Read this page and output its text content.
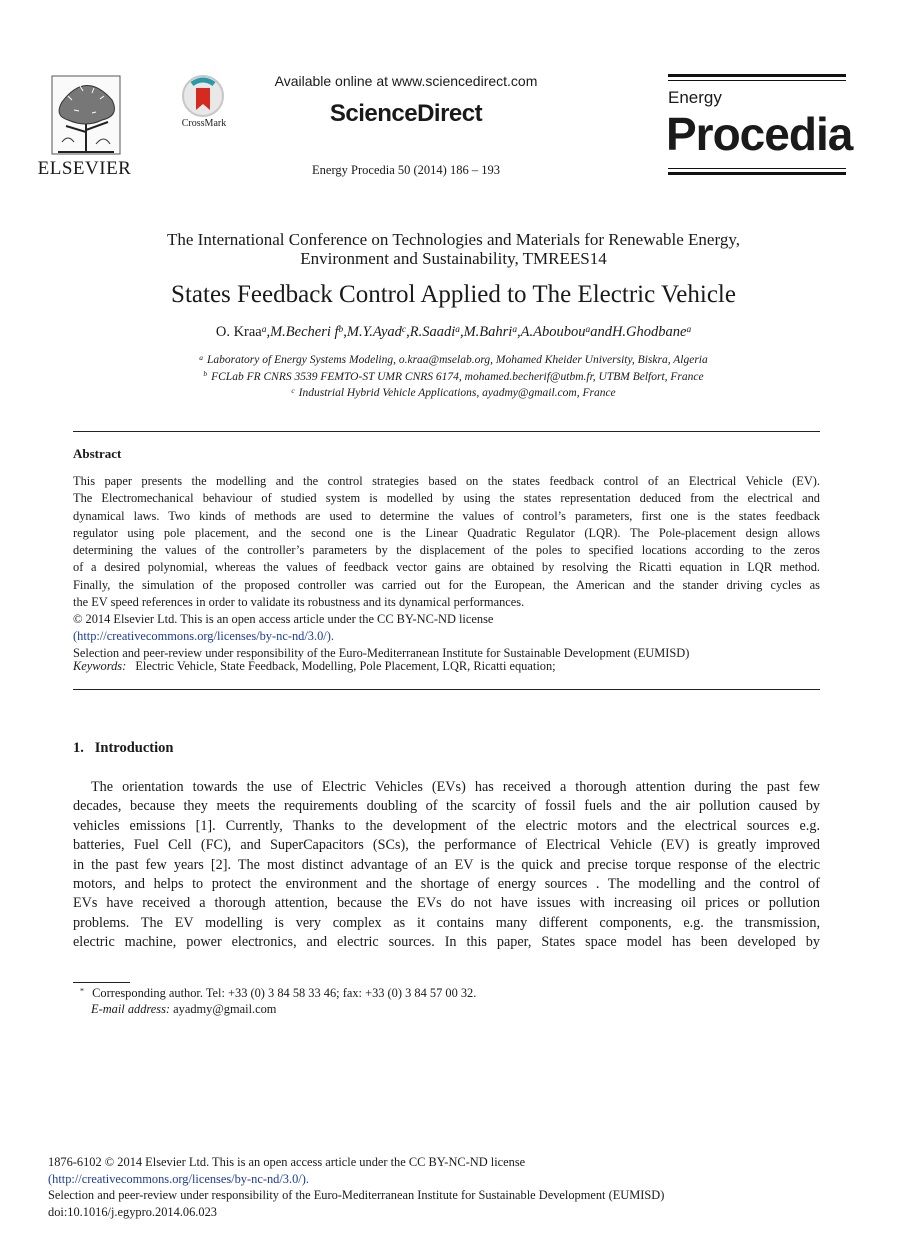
ELSEVIER
CrossMark
Available online at www.sciencedirect.com
ScienceDirect
Energy Procedia 50 (2014) 186 – 193
Energy
Procedia
The International Conference on Technologies and Materials for Renewable Energy,
Environment and Sustainability, TMREES14
States Feedback Control Applied to The Electric Vehicle
O. Kraa$^a$,M.Becheri $f^b,M.Y.Ayad^c,R.Saadi^a,M.Bahri^a,A.Aboubou^aandH.Ghodbane^a$
$^a$ Laboratory of Energy Systems Modeling, o.kraa@mselab.org, Mohamed Kheider University, Biskra, Algeria
$^b$ FCLab FR CNRS 3539 FEMTO-ST UMR CNRS 6174, mohamed.becherif@utbm.fr, UTBM Belfort, France
$^c$ Industrial Hybrid Vehicle Applications, ayadmy@gmail.com, France
Abstract
This paper presents the modelling and the control strategies based on the states feedback control of an Electrical Vehicle (EV).
The Electromechanical behaviour of studied system is modelled by using the states representation deduced from the electrical and
dynamical laws. Two kinds of methods are used to determine the values of control’s parameters, first one is the states feedback
regulator using pole placement, and the second one is the Linear Quadratic Regulator (LQR). The Pole-placement design allows
determining the values of the controller’s parameters by the displacement of the poles to specified locations according to the zeros
of a desired polynomial, whereas the values of feedback vector gains are obtained by resolving the Ricatti equation in LQR method.
Finally, the simulation of the proposed controller was carried out for the European, the American and the stander driving cycles as
the EV speed references in order to validate its robustness and its dynamical performances.
© 2014 Elsevier Ltd. This is an open access article under the CC BY-NC-ND license
(http://creativecommons.org/licenses/by-nc-nd/3.0/).
Selection and peer-review under responsibility of the Euro-Mediterranean Institute for Sustainable Development (EUMISD)
Keywords: Electric Vehicle, State Feedback, Modelling, Pole Placement, LQR, Ricatti equation;
1.   Introduction
The orientation towards the use of Electric Vehicles (EVs) has received a thorough attention during the past few
decades, because they meets the requirements doubling of the scarcity of fossil fuels and the air pollution caused by
vehicles emissions [1]. Currently, Thanks to the development of the electric motors and the electrical sources e.g.
batteries, Fuel Cell (FC), and SuperCapacitors (SCs), the performance of Electrical Vehicle (EV) is greatly improved
in the past few years [2]. The most distinct advantage of an EV is the quick and precise torque response of the electric
motors, and helps to protect the environment and the shortage of energy sources . The modelling and the control of
EVs have received a thorough attention, because the EVs do not have issues with increasing oil prices or pollution
problems. The EV modelling is very complex as it contains many different components, e.g. the transmission,
electric machine, power electronics, and electric sources. In this paper, States space model has been developed by
* Corresponding author. Tel: +33 (0) 3 84 58 33 46; fax: +33 (0) 3 84 57 00 32.
E-mail address: ayadmy@gmail.com
1876-6102 © 2014 Elsevier Ltd. This is an open access article under the CC BY-NC-ND license
(http://creativecommons.org/licenses/by-nc-nd/3.0/).
Selection and peer-review under responsibility of the Euro-Mediterranean Institute for Sustainable Development (EUMISD)
doi:10.1016/j.egypro.2014.06.023
